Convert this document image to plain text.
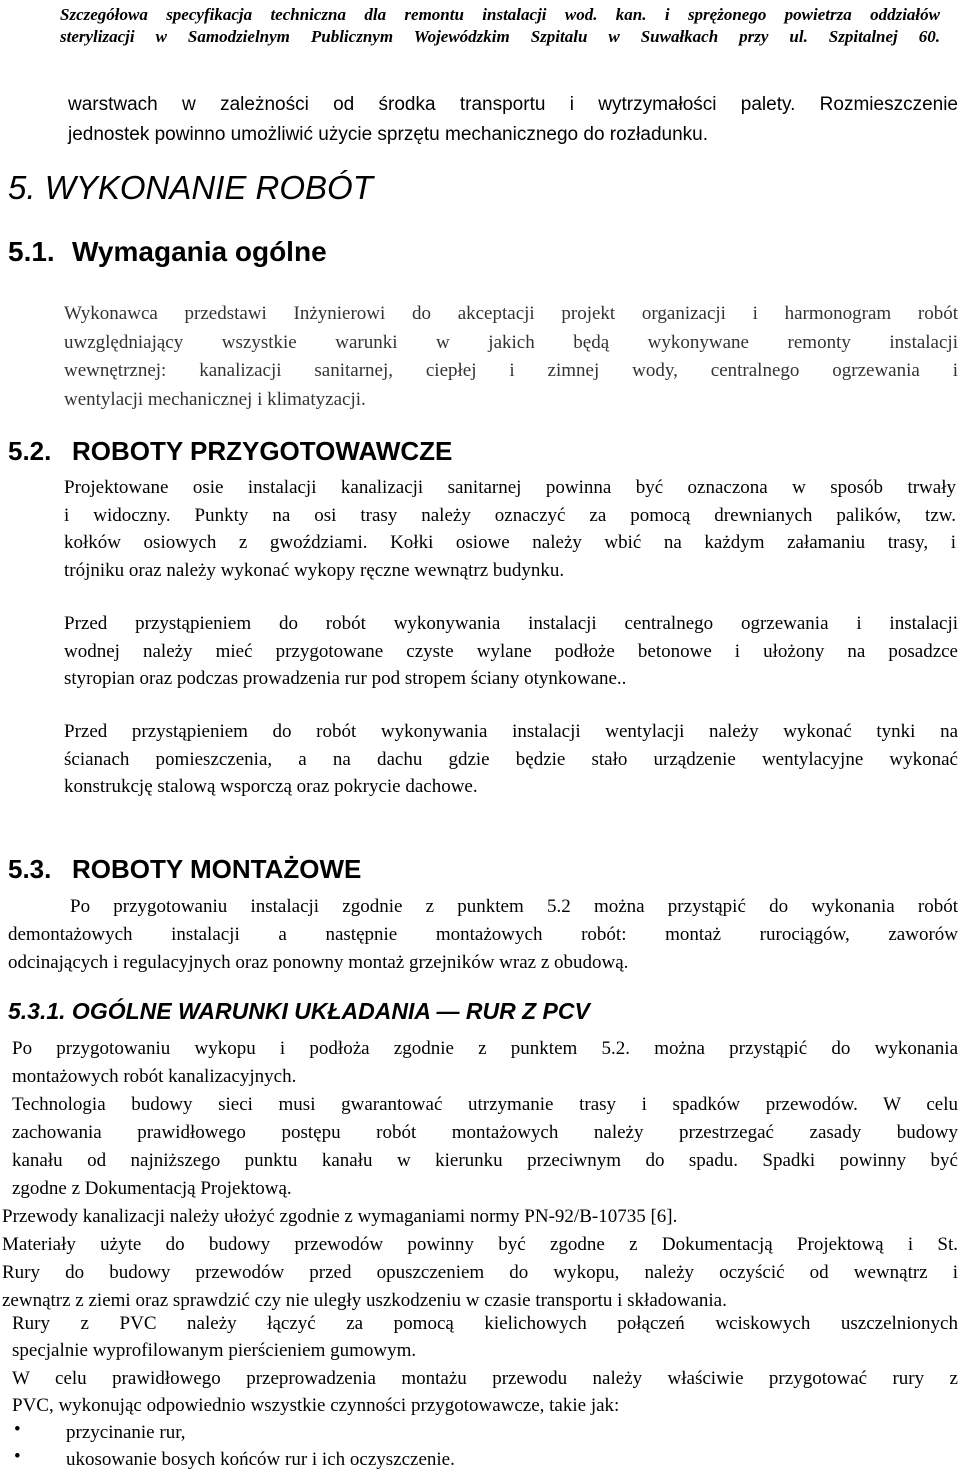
Szczegółowa specyfikacja techniczna dla remontu instalacji wod. kan. i sprężonego powietrza oddziałów
sterylizacji w Samodzielnym Publicznym Wojewódzkim Szpitalu w Suwałkach przy ul. Szpitalnej 60.
warstwach w zależności od środka transportu i wytrzymałości palety. Rozmieszczenie
jednostek powinno umożliwić użycie sprzętu mechanicznego do rozładunku.
5. WYKONANIE ROBÓT
5.1. Wymagania ogólne
Wykonawca przedstawi Inżynierowi do akceptacji projekt organizacji i harmonogram robót
uwzględniający wszystkie warunki w jakich będą wykonywane remonty instalacji
wewnętrznej: kanalizacji sanitarnej, ciepłej i zimnej wody, centralnego ogrzewania i
wentylacji mechanicznej i klimatyzacji.
5.2. ROBOTY PRZYGOTOWAWCZE
Projektowane osie instalacji kanalizacji sanitarnej powinna być oznaczona w sposób trwały
i widoczny. Punkty na osi trasy należy oznaczyć za pomocą drewnianych palików, tzw.
kołków osiowych z gwoździami. Kołki osiowe należy wbić na każdym załamaniu trasy, i
trójniku oraz należy wykonać wykopy ręczne wewnątrz budynku.
Przed przystąpieniem do robót wykonywania instalacji centralnego ogrzewania i instalacji
wodnej należy mieć przygotowane czyste wylane podłoże betonowe i ułożony na posadzce
styropian oraz podczas prowadzenia rur pod stropem ściany otynkowane..
Przed przystąpieniem do robót wykonywania instalacji wentylacji należy wykonać tynki na
ścianach pomieszczenia, a na dachu gdzie będzie stało urządzenie wentylacyjne wykonać
konstrukcję stalową wsporczą oraz pokrycie dachowe.
5.3. ROBOTY MONTAŻOWE
Po przygotowaniu instalacji zgodnie z punktem 5.2 można przystąpić do wykonania robót
demontażowych instalacji a następnie montażowych robót: montaż rurociągów, zaworów
odcinających i regulacyjnych oraz ponowny montaż grzejników wraz z obudową.
5.3.1. OGÓLNE WARUNKI UKŁADANIA — RUR Z PCV
Po przygotowaniu wykopu i podłoża zgodnie z punktem 5.2. można przystąpić do wykonania
montażowych robót kanalizacyjnych.
Technologia budowy sieci musi gwarantować utrzymanie trasy i spadków przewodów. W celu
zachowania prawidłowego postępu robót montażowych należy przestrzegać zasady budowy
kanału od najniższego punktu kanału w kierunku przeciwnym do spadu. Spadki powinny być
zgodne z Dokumentacją Projektową.
Przewody kanalizacji należy ułożyć zgodnie z wymaganiami normy PN-92/B-10735 [6].
Materiały użyte do budowy przewodów powinny być zgodne z Dokumentacją Projektową i St.
Rury do budowy przewodów przed opuszczeniem do wykopu, należy oczyścić od wewnątrz i
zewnątrz z ziemi oraz sprawdzić czy nie uległy uszkodzeniu w czasie transportu i składowania.
Rury z PVC należy łączyć za pomocą kielichowych połączeń wciskowych uszczelnionych
specjalnie wyprofilowanym pierścieniem gumowym.
W celu prawidłowego przeprowadzenia montażu przewodu należy właściwie przygotować rury z
PVC, wykonując odpowiednio wszystkie czynności przygotowawcze, takie jak:
• przycinanie rur,
• ukosowanie bosych końców rur i ich oczyszczenie.
